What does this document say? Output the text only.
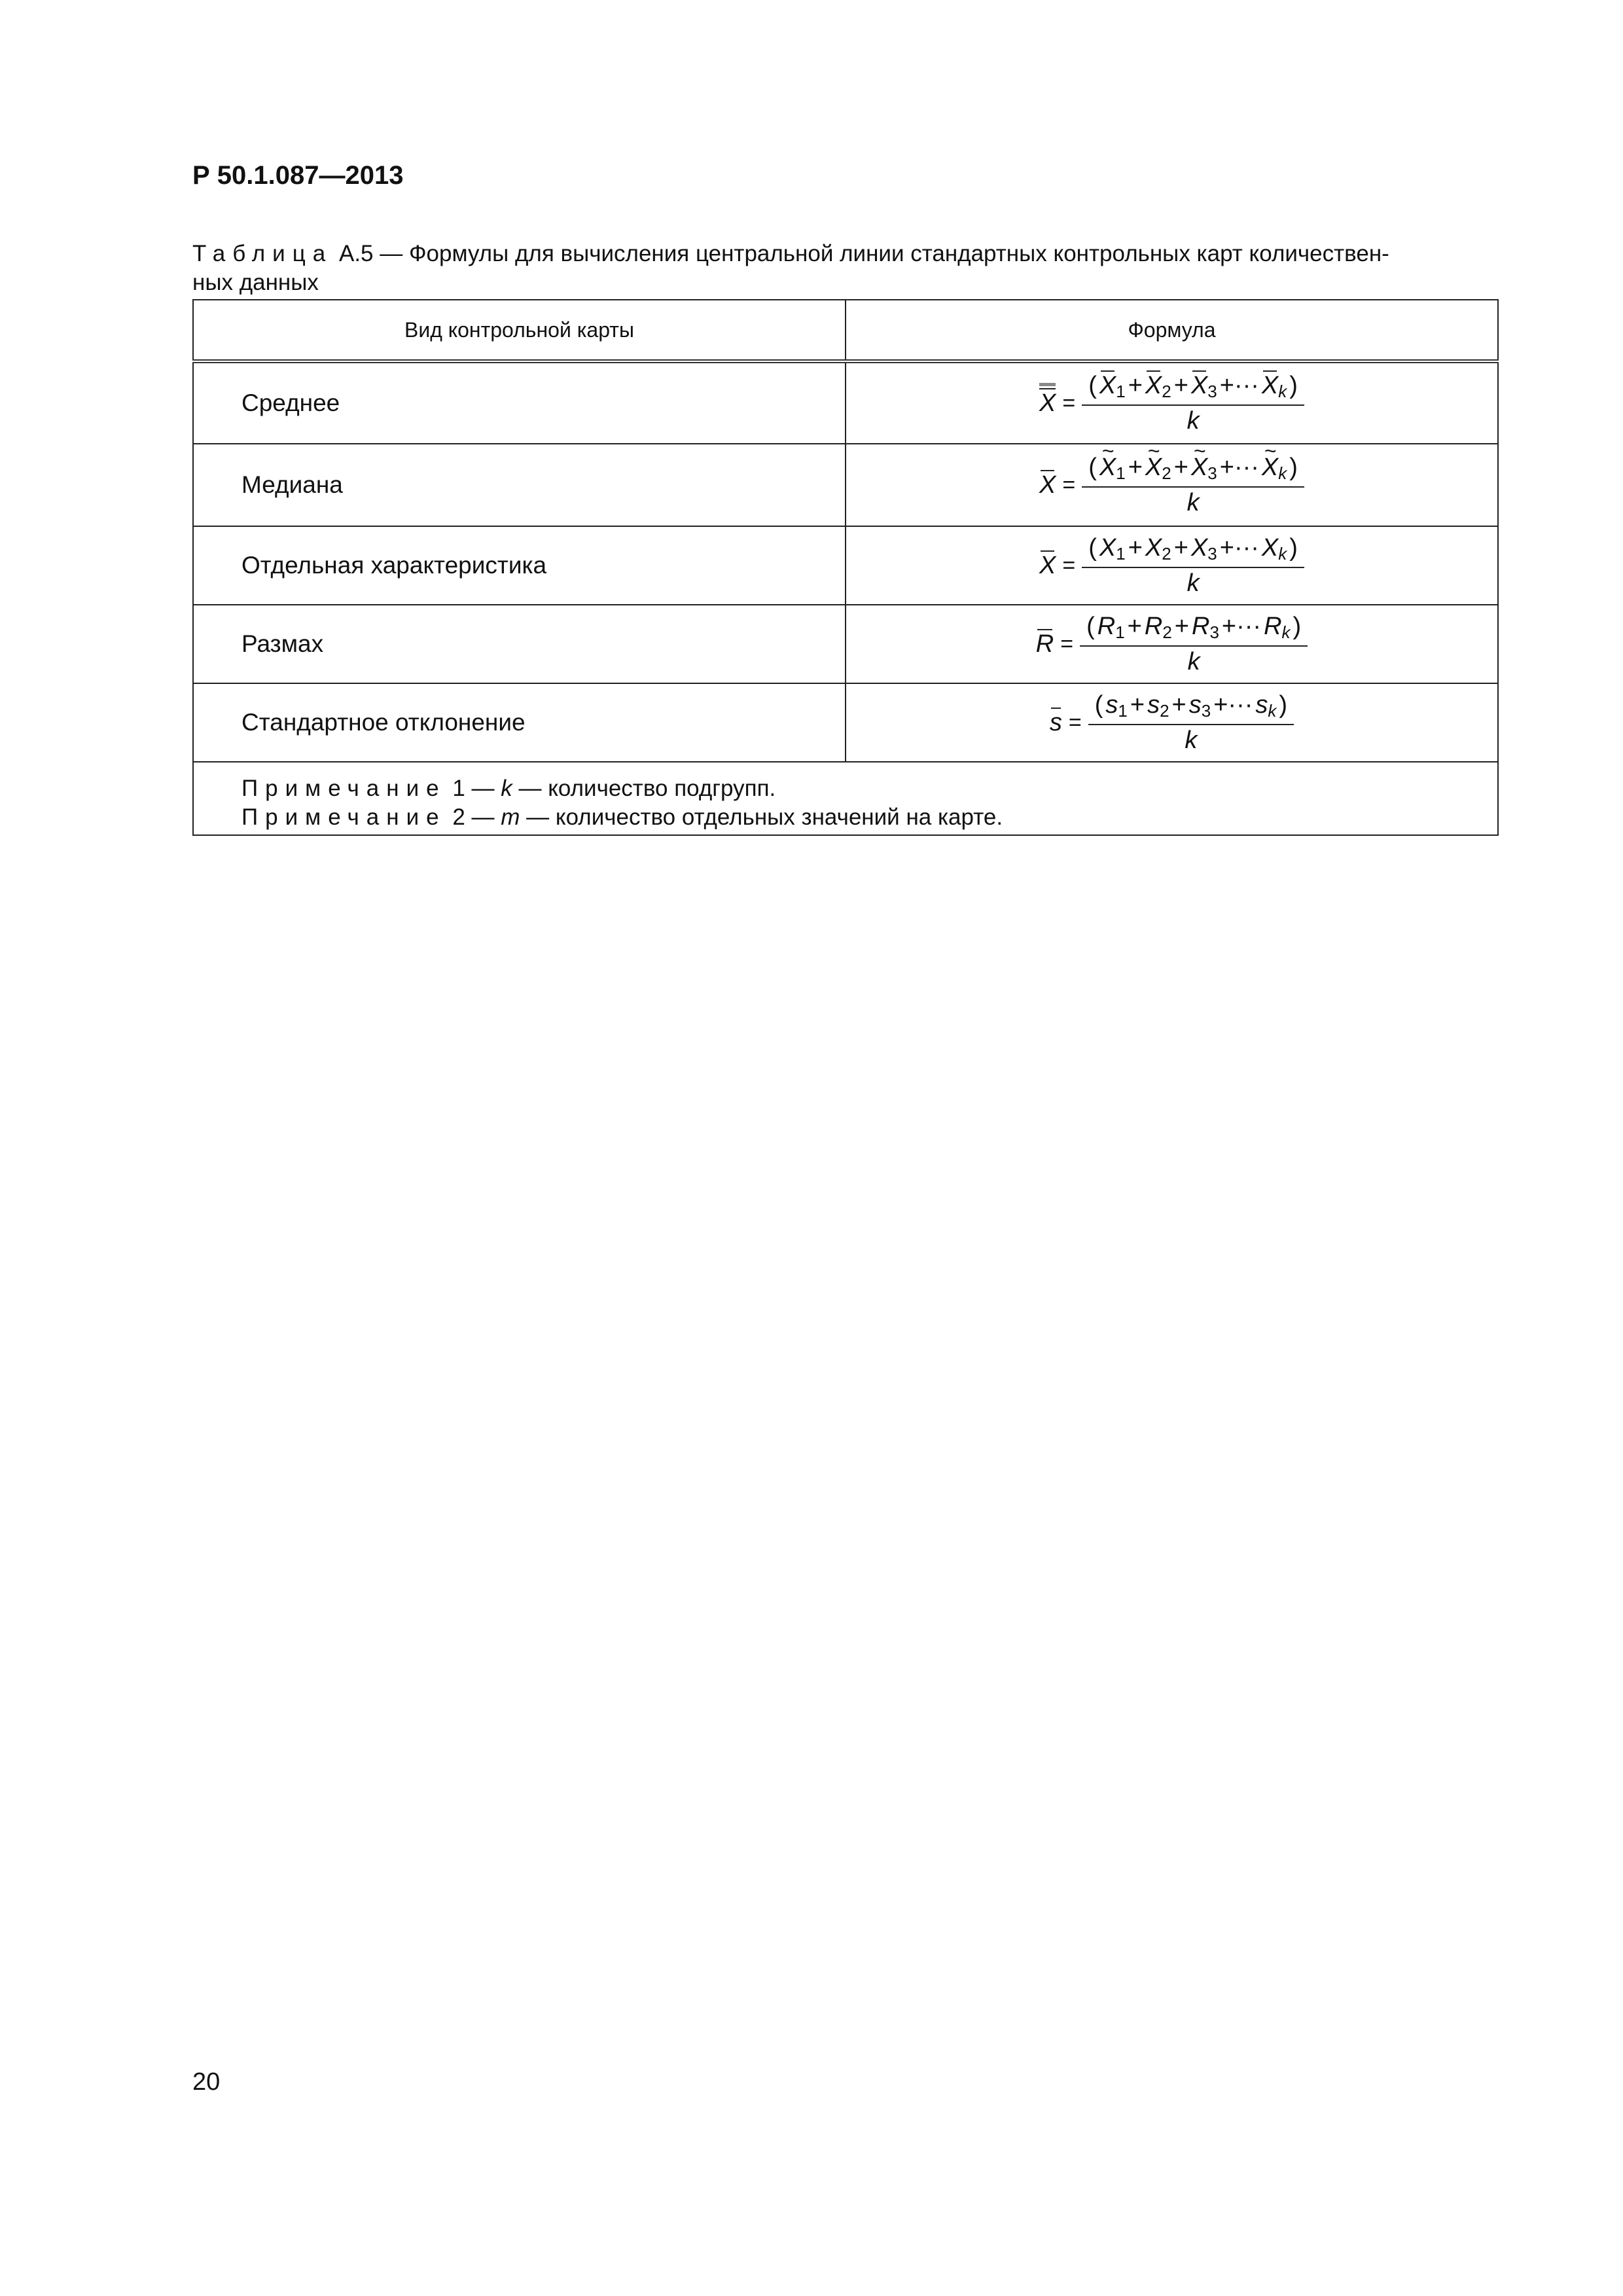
Р 50.1.087—2013
Таблица А.5 — Формулы для вычисления центральной линии стандартных контрольных карт количествен-
ных данных
Вид контрольной карты	Формула
Среднее	$X = \frac{( X_1 + X_2 + X_3 +\cdot\cdot\cdot X_k )}{k}$

Медиана	$X = \frac{( \sim X_1 + \sim X_2 + \sim X_3 +\cdot\cdot\cdot \sim X_k )}{k}$

Отдельная характеристика	$X = \frac{( X_1 + X_2 + X_3 +\cdot\cdot\cdot X_k )}{k}$

Размах	$R = \frac{( R_1 + R_2 + R_3 +\cdot\cdot\cdot R_k )}{k}$

Стандартное отклонение	$s = \frac{( s_1 + s_2 + s_3 +\cdot\cdot\cdot s_k )}{k}$

Примечание 1 — k — количество подгрупп.
Примечание 2 — m — количество отдельных значений на карте.	
20
